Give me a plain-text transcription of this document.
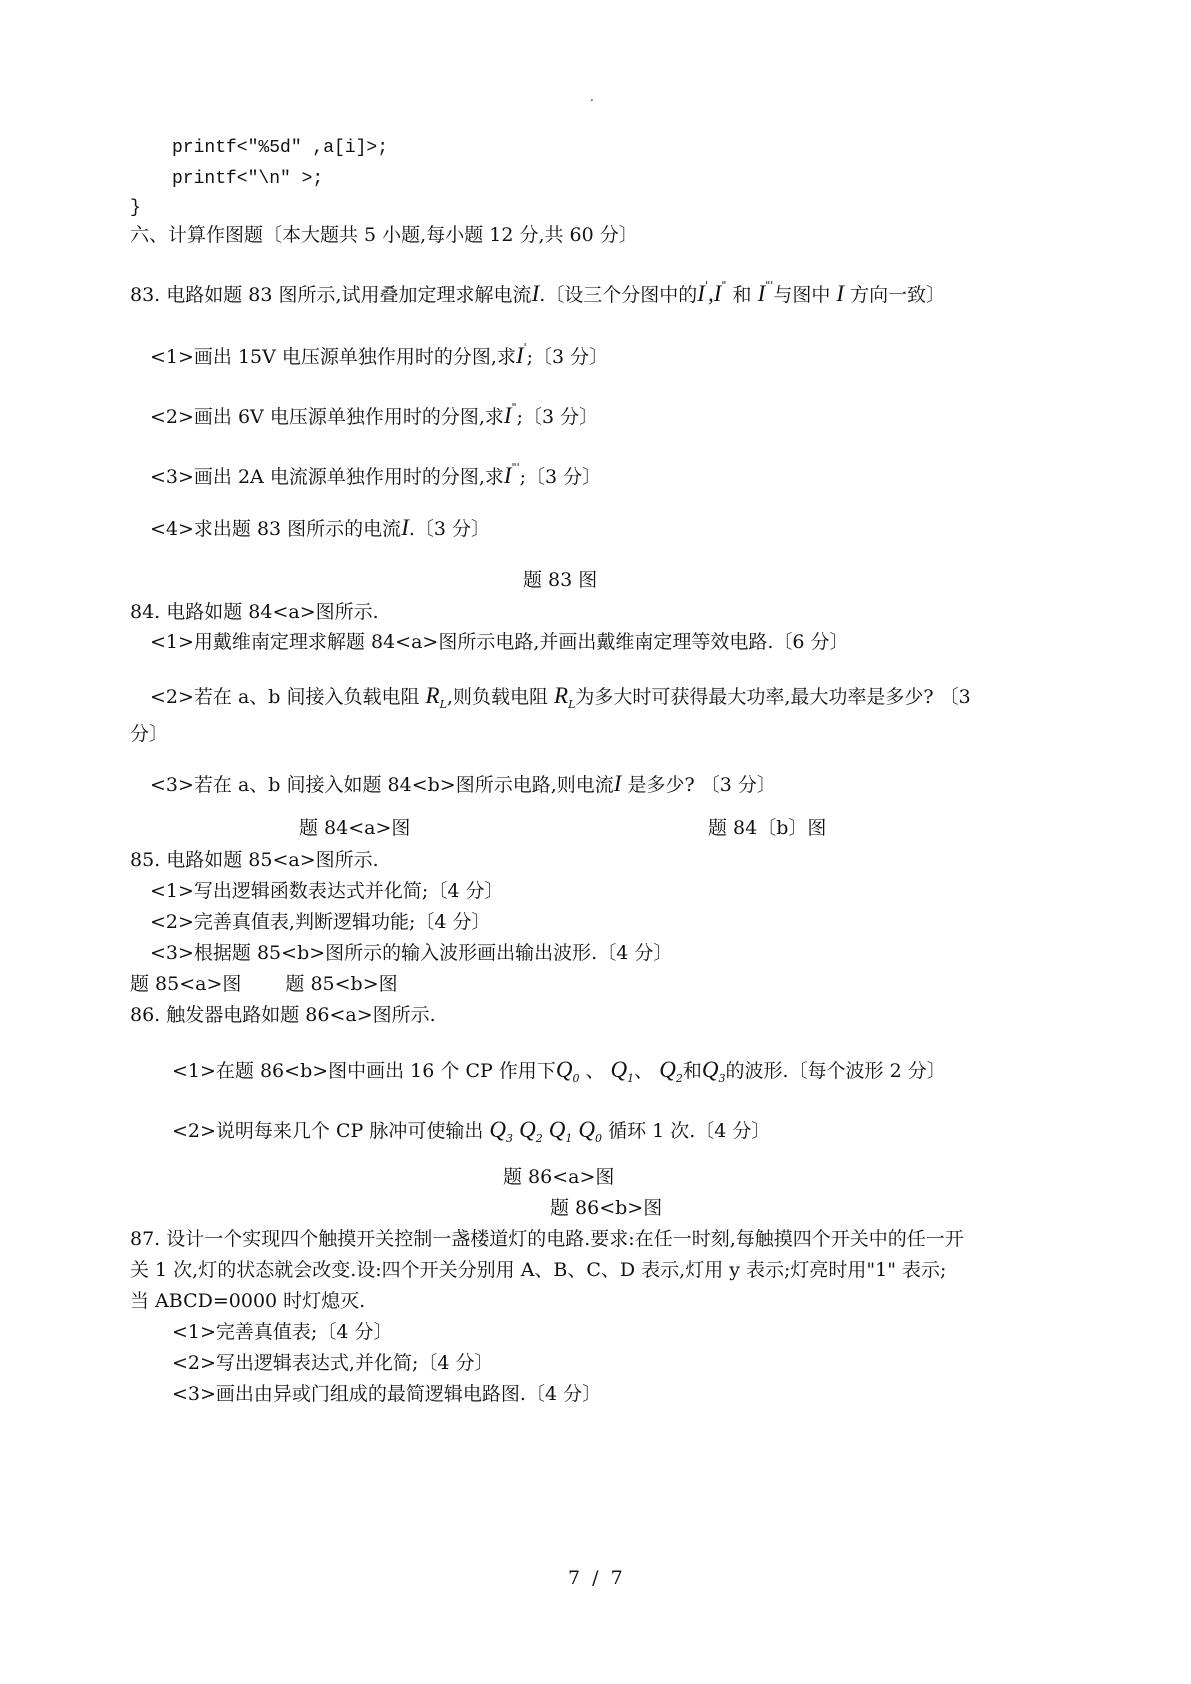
.
printf<"%5d" ,a[i]>;
printf<"\n" >;
}
六、计算作图题〔本大题共 5 小题,每小题 12 分,共 60 分〕
83. 电路如题 83 图所示,试用叠加定理求解电流I.〔设三个分图中的I',I" 和 I"'与图中 I 方向一致〕
<1>画出 15V 电压源单独作用时的分图,求I';〔3 分〕
<2>画出 6V 电压源单独作用时的分图,求I";〔3 分〕
<3>画出 2A 电流源单独作用时的分图,求I"';〔3 分〕
<4>求出题 83 图所示的电流I.〔3 分〕
题 83 图
84. 电路如题 84<a>图所示.
<1>用戴维南定理求解题 84<a>图所示电路,并画出戴维南定理等效电路.〔6 分〕
<2>若在 a、b 间接入负载电阻 $R_L$,则负载电阻 $R_L$为多大时可获得最大功率,最大功率是多少? 〔3
分〕
<3>若在 a、b 间接入如题 84<b>图所示电路,则电流I 是多少? 〔3 分〕
题 84<a>图	题 84〔b〕图
85. 电路如题 85<a>图所示.
<1>写出逻辑函数表达式并化简;〔4 分〕
<2>完善真值表,判断逻辑功能;〔4 分〕
<3>根据题 85<b>图所示的输入波形画出输出波形.〔4 分〕
题 85<a>图　　 题 85<b>图
86. 触发器电路如题 86<a>图所示.
<1>在题 86<b>图中画出 16 个 CP 作用下$Q_0$ 、 $Q_1$、 $Q_2$和$Q_3$的波形.〔每个波形 2 分〕
<2>说明每来几个 CP 脉冲可使输出 $Q_3$ $Q_2$ $Q_1$ $Q_0$ 循环 1 次.〔4 分〕
题 86<a>图
题 86<b>图
87. 设计一个实现四个触摸开关控制一盏楼道灯的电路.要求:在任一时刻,每触摸四个开关中的任一开
关 1 次,灯的状态就会改变.设:四个开关分别用 A、B、C、D 表示,灯用 y 表示;灯亮时用"1" 表示;
当 ABCD=0000 时灯熄灭.
<1>完善真值表;〔4 分〕
<2>写出逻辑表达式,并化简;〔4 分〕
<3>画出由异或门组成的最简逻辑电路图.〔4 分〕
7 / 7
